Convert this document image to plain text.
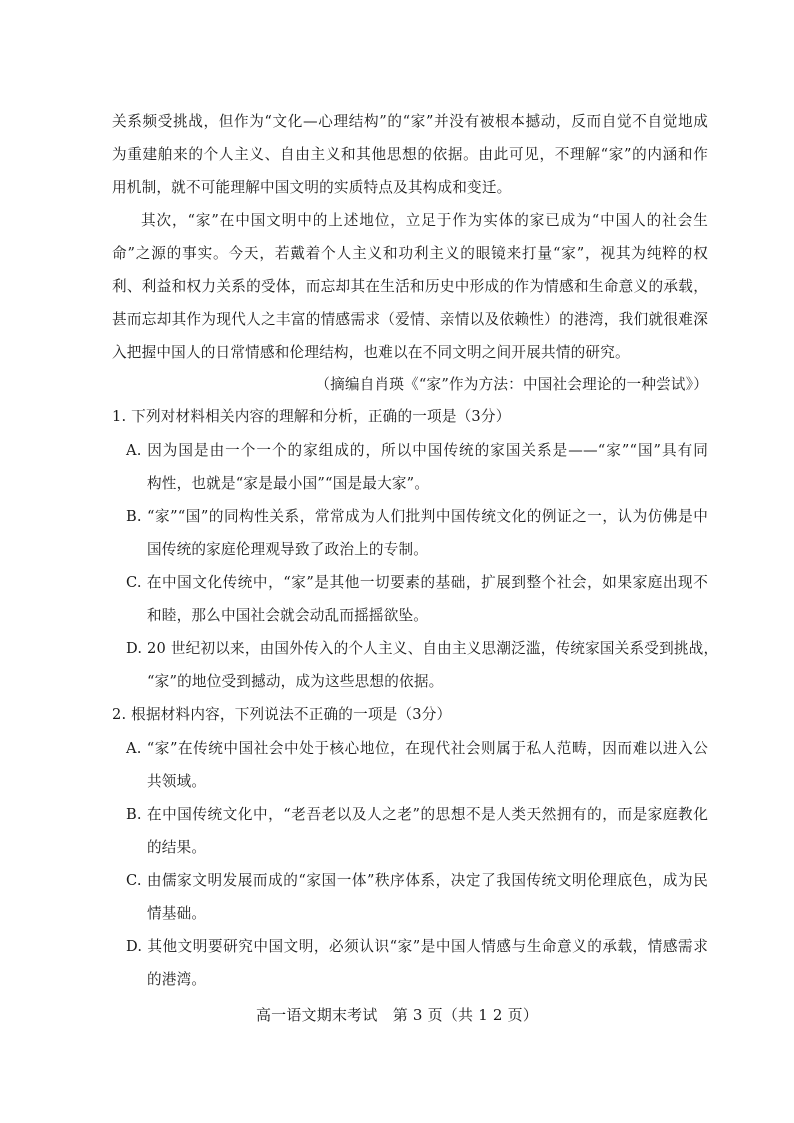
关系频受挑战，但作为“文化—心理结构”的“家”并没有被根本撼动，反而自觉不自觉地成
为重建舶来的个人主义、自由主义和其他思想的依据。由此可见，不理解“家”的内涵和作
用机制，就不可能理解中国文明的实质特点及其构成和变迁。
其次，“家”在中国文明中的上述地位，立足于作为实体的家已成为“中国人的社会生
命”之源的事实。今天，若戴着个人主义和功利主义的眼镜来打量“家”，视其为纯粹的权
利、利益和权力关系的受体，而忘却其在生活和历史中形成的作为情感和生命意义的承载，
甚而忘却其作为现代人之丰富的情感需求（爱情、亲情以及依赖性）的港湾，我们就很难深
入把握中国人的日常情感和伦理结构，也难以在不同文明之间开展共情的研究。
（摘编自肖瑛《“家”作为方法：中国社会理论的一种尝试》）
1. 下列对材料相关内容的理解和分析，正确的一项是（3分）
A. 因为国是由一个一个的家组成的，所以中国传统的家国关系是——“家”“国”具有同
构性，也就是“家是最小国”“国是最大家”。
B. “家”“国”的同构性关系，常常成为人们批判中国传统文化的例证之一，认为仿佛是中
国传统的家庭伦理观导致了政治上的专制。
C. 在中国文化传统中，“家”是其他一切要素的基础，扩展到整个社会，如果家庭出现不
和睦，那么中国社会就会动乱而摇摇欲坠。
D. 20 世纪初以来，由国外传入的个人主义、自由主义思潮泛滥，传统家国关系受到挑战，
“家”的地位受到撼动，成为这些思想的依据。
2. 根据材料内容，下列说法不正确的一项是（3分）
A. “家”在传统中国社会中处于核心地位，在现代社会则属于私人范畴，因而难以进入公
共领域。
B. 在中国传统文化中，“老吾老以及人之老”的思想不是人类天然拥有的，而是家庭教化
的结果。
C. 由儒家文明发展而成的“家国一体”秩序体系，决定了我国传统文明伦理底色，成为民
情基础。
D. 其他文明要研究中国文明，必须认识“家”是中国人情感与生命意义的承载，情感需求
的港湾。
高一语文期末考试　第 3 页（共 1 2 页）
